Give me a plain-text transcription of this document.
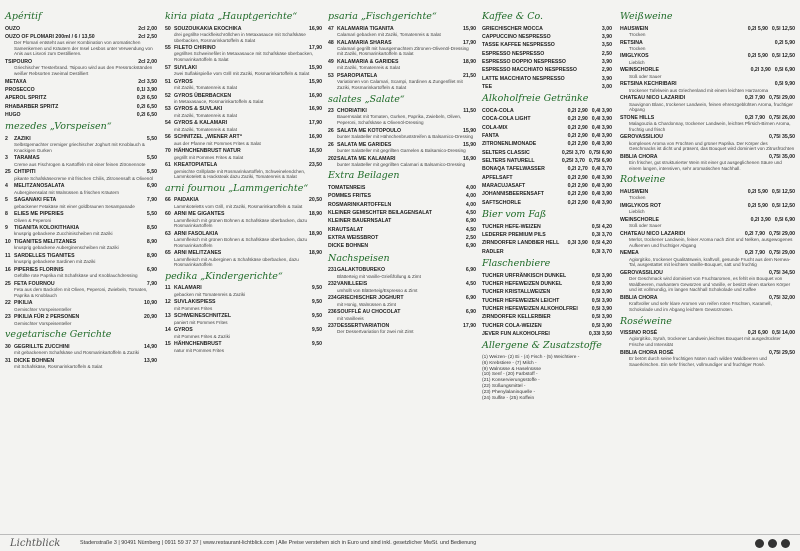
Apéritif
OUZO	2cl 2,00
OUZO OF PLOMARI 200ml / 6 / 13,50	2cl 2,50
Der Plomari entsteht aus einer Kombination von aromatischen Samenkernen und Kräutern der Insel Lesbos unter Verwendung von Anis aus Lisvori zum Destillieren.
TSIPOURO	2cl 2,00
Griechischer Tresterbrand. Tsipouro wird aus den Pressrückständen weißer Rebsorten zweimal Destilliert
METAXA	2cl 3,50
PROSECCO	0,1l 3,90
APEROL SPRITZ	0,2l 6,50
RHABARBER SPRITZ	0,2l 6,50
HUGO	0,2l 6,50
mezedes „Vorspeisen“
2 ZAZIKI	5,50
Selbstgemachter cremiger griechischer Joghurt mit Knoblauch & Knackigen Gurken
3 TARAMAS	5,50
Creme aus Fischrogen & Kartoffeln mit einer feinen Zitronennote
25 CHTIPITI	5,50
pikante Schafskäsecreme mit frischen Chilis, Zitronensaft & Olivenöl
4 MELITZANOSALATA	6,90
Auberginensalat mit Walnüssen & frischen Kräutern
5 SAGANAKI FETA	7,90
gebackener Fetakäse mit einer goldbraunen Sesampanade
8 ELIES ME PIPERIES	5,50
Oliven & Peperoni
9 TIGANITA KOLOKITHAKIA	8,50
knusprig gebackene Zucchinischeiben mit Zaziki
10 TIGANITES MELITZANES	8,90
knusprig gebackene Auberginenscheiben mit Zaziki
11 SARDELLES TIGANITES	8,90
knusprig gebackene Sardinen mit Zaziki
16 PIPERIES FLORINIS	6,90
Gefüllte rote Paprika mit Schafskäse und Knoblauchdressing
25 FETA FOURNOU	7,90
Feta aus dem Backofen mit Oliven, Peperoni, Zwiebeln, Tomaten, Paprika & Knoblauch
22 PIKILIA	10,90
Gemischter Vorspeisenteller
23 PIKILIA FÜR 2 PERSONEN	20,90
Gemischter Vorspeisenteller
vegetarische Gerichte
30 GEGRILLTE ZUCCHINI	14,90
mit gebackenem Schafskäse und Rosmarinkartoffeln & Zaziki
31 DICKE BOHNEN	13,90
mit Schafskäse, Rosmarinkartoffeln & Salat
kiria piata „Hauptgerichte“
50 SOUZOUKAKIA EKOCHIKA	16,90
drei gegrillte Hackfleischröllchen in Metaxasauce mit Schafskäse überbacken, Rosmarinkartoffeln & Salat
55 FILETO CHIRINO	17,90
gegrilltes Schweinefilet in Metaxasauce mit Schafskäse überbacken, Rosmarinkartoffeln & Salat
57 SUVLAKI	15,90
zwei Suflakispieße vom Grill mit Zaziki, Rosmarinkartoffeln & Salat
51 GYROS	15,90
mit Zaziki, Tomatenreis & Salat
52 GYROS ÜBERBACKEN	16,90
in Metaxasauce, Rosmarinkartoffeln & Salat
53 GYROS & SUVLAKI	16,90
mit Zaziki, Tomatenreis & Salat
54 GYROS & KALAMARI	17,90
mit Zaziki, Tomatenreis & Salat
56 SCHNITZEL „WIENER ART“	16,90
aus der Pfanne mit Pommes Frites & Salat
70 HÄHNCHENBRUST NATUR	16,50
gegrillt mit Pommes Frites & Salat
61 KREATOPIATELA	23,50
gemischte Grillplatte mit Rosmarinkartoffeln, Schweinelendchen, Lammkotelett & Hacksteak dazu Zaziki, Tomatenreis & Salat
arni fournou „Lammgerichte“
66 PAIDAKIA	20,50
Lammkoteletts vom Grill, mit Zaziki, Rosmarinkartoffeln & Salat
60 ARNI ME GIGANTES	18,90
Lammfleisch mit grünen Bohnen & Schafskäse überbacken, dazu Rosmarinkartoffeln
63 ARNI FASOLAKIA	18,90
Lammfleisch mit grünen Bohnen & Schafskäse überbacken, dazu Rosmarinkartoffeln
65 ARNI MELITZANES	18,90
Lammfleisch mit Auberginen & Schafskäse überbacken, dazu Rosmarinkartoffeln
pedika „Kindergerichte“
11 KALAMARI	9,50
gebacken mit Tomatenreis & Zaziki
12 SUVLAKISPIESS	9,50
mit Pommes Frites
13 SCHWEINESCHNITZEL	9,50
paniert mit Pommes Frites
14 GYROS	9,50
mit Pommes Frites & Zaziki
15 HÄHNCHENBRUST	9,50
natur mit Pommes Frites
psaria „Fischgerichte“
47 KALAMARIA TIGANITA	15,90
Calamari gebacken mit Zaziki, Tomatenreis & Salat
48 KALAMARIA SHARAS	17,90
Calamari gegrillt mit hausgemachtem Zitronen-Olivenöl-Dressing mit Zaziki, Rosmarinkartoffeln & Salat
49 KALAMARIA & GARIDES	18,90
mit Zaziki, Tomatenreis & Salat
53 PSAROPIATELA	21,50
Variationen von Calamari, Scampi, Sardinen & Zungenfilet mit Zaziki, Rosmarinkartoffeln & Salat
salates „Salate“
23 CHORIATIKI	11,50
Bauernsalat mit Tomaten, Gurken, Paprika, Zwiebeln, Oliven, Peperoni, Schafskäse & Olivenöl-Dressing
26 SALATA ME KOTOPOULO	15,90
bunter Salatteller mit Hähnchenbruststreifen & Balsamico-Dressing
26 SALATA ME GARIDES	15,90
bunter Salatteller mit gegrillten Garnelen & Balsamico-Dressing
202SALATA ME KALAMARI	16,90
bunter Salatteller mit gegrillten Calamari & Balsamico-Dressing
Extra Beilagen
TOMATENREIS	4,00
POMMES FRITES	4,00
ROSMARINKARTOFFELN	4,00
KLEINER GEMISCHTER BEILAGENSALAT	4,50
KLEINER BAUERNSALAT	6,90
KRAUTSALAT	4,50
EXTRA WEISSBROT	2,50
DICKE BOHNEN	6,90
Nachspeisen
231GALAKTOBUREKO	6,90
Blätterteig mit Vanille-Grießfüllung & Zimt
232VANILLEEIS	4,50
umhüllt von Blätterteig/Espresso & Zimt
234GRIECHISCHER JOGHURT	6,90
mit Honig, Walnüssen & Zimt
236SOUFFLÉ AU CHOCOLAT	6,90
mit Vanilleeis
237DESSERTVARIATION	17,90
Der Dessertvariation für zwei mit Zimt
Kaffee & Co.
GRIECHISCHER MOCCA	3,00
CAPPUCCINO NESPRESSO	3,90
TASSE KAFFEE NESPRESSO	3,50
ESPRESSO NESPRESSO	2,50
ESPRESSO DOPPIO NESPRESSO	3,90
ESPRESSO MACCHIATO NESPRESSO	2,90
LATTE MACCHIATO NESPRESSO	3,90
TEE	3,00
Alkoholfreie Getränke
COCA-COLA	0,2l 2,90 0,4l 3,90
COCA-COLA LIGHT	0,2l 2,90 0,4l 3,90
COLA-MIX	0,2l 2,90 0,4l 3,90
FANTA	0,2l 2,90 0,4l 3,90
ZITRONENLIMONADE	0,2l 2,90 0,4l 3,90
SELTERS CLASSIC	0,25l 3,70 0,75l 6,90
SELTERS NATURELL	0,25l 3,70 0,75l 6,90
BONAQA TAFELWASSER	0,2l 2,70 0,4l 3,70
APFELSAFT	0,2l 2,90 0,4l 3,90
MARACUJASAFT	0,2l 2,90 0,4l 3,90
JOHANNISBEERENSAFT	0,2l 2,90 0,4l 3,90
SAFTSCHORLE	0,2l 2,90 0,4l 3,90
Bier vom Faß
TUCHER HEFE-WEIZEN	0,5l 4,20
LEDERER PREMIUM PILS	0,3l 3,70
ZIRNDORFER LANDBIER HELL 0,3l 3,90 0,5l 4,20
RADLER	0,3l 3,70
Flaschenbiere
TUCHER URFRÄNKISCH DUNKEL	0,5l 3,90
TUCHER HEFEWEIZEN DUNKEL	0,5l 3,90
TUCHER KRISTALLWEIZEN	0,5l 3,90
TUCHER HEFEWEIZEN LEICHT	0,5l 3,90
TUCHER HEFEWEIZEN ALKOHOLFREI	0,5l 3,90
ZIRNDORFER KELLERBIER	0,5l 3,90
TUCHER COLA-WEIZEN	0,5l 3,90
JEVER FUN ALKOHOLFREI	0,33l 3,50
Allergene & Zusatzstoffe
(1) Weizen- (2) Ei - (4) Fisch - (5) Weichtiere -
(6) Krebstiere - (7) Milch -
(9) Walnüsse & Haselnüsse
(10) Senf - (20) Farbstoff -
(21) Konservierungsstoffe -
(22) Süßungsmittel -
(23) Phenylalaninquelle -
(24) Sulfite - (25) Koffein
Weißweine
HAUSWEIN	0,2l 5,90 0,5l 12,50
Trocken
RETSINA	0,2l 5,90
Trocken
IMIGLYKOS	0,2l 5,90 0,5l 12,50
Lieblich
WEINSCHORLE	0,2l 3,90 0,5l 6,90
Süß oder Sauer
RETSINA KECHRIBARI	0,5l 9,90
trockener Tafelwein aus Griechenland mit einem leichten Harzaroma
CHATEAU NICO LAZARIDI	0,2l 7,90 0,75l 29,00
Sauvignon Blanc, trockener Landwein, feinen ehrenzgeblühten Aroma, fruchtiger Abgang
STONE HILLS	0,2l 7,90 0,75l 26,00
Malagouzia & Chardonnay, trockener Landwein, leichtes Pfirsich-Birnen Aroma, fruchtig und frisch
GEROVASSILIOU	0,75l 35,50
komplexes Aroma von Früchten und grüner Paprika. Der Körper des Geschmacks ist dicht und präsent, das Bouquet wird dominiert von Zitrusfrüchten
BIBLIA CHORA	0,75l 35,00
Ein frischer, gut strukturierter Wein mit einer gut ausgeglichenen Säure und einem langen, intensiven, sehr aromatischen Nachhall.
Rotweine
HAUSWEIN	0,2l 5,90 0,5l 12,50
Trocken
IMIGLYKOS ROT	0,2l 5,90 0,5l 12,50
Lieblich
WEINSCHORLE	0,2l 3,90 0,5l 6,90
Süß oder Sauer
CHATEAU NICO LAZARIDI	0,2l 7,90 0,75l 29,00
Merlot, trockener Landwein, feiner Aroma nach Zimt und Nelken, ausgewogenes Aufkernen und fruchtiger Abgang
NEMEA	0,2l 7,90 0,75l 29,00
Agiorgitiko, trockener Qualitätswein, kraftvoll, gesunde Frucht aus dem Nemea-Tal, ausgestattet mit leichtem Vanille-Bouquet, satt und fruchtig
GEROVASSILIOU	0,75l 34,50
Der Geschmack wird dominiert von Fruchtaromen, es fehlt ein Bouquet von Waldbeeren, markantem Gewürzen und Vanille, er besitzt einen starken Körper und ist vollmundig, im langen Nachhall Schokolade und Kaffee
BIBLIA CHORA	0,75l 32,00
Kraftvoller und sehr klare Aromen von reifen roten Früchten, Karamell, Schokolade und im Abgang leichtem Gewürznoten.
Roséweine
VISSINO ROSÉ	0,2l 6,90 0,5l 14,00
Agiorgitiko, Syrah, trockener Landwein,leichtes Bouquet mit ausgedrückter Frische und Intensität
BIBLIA CHORA ROSÉ	0,75l 29,50
Er betört durch seine fruchtigen Noten nach wilden Waldbeeren und Sauerkirschen. Ein sehr frischer, vollmundiger und fruchtiger Rosé.
Lichtblick	Stadenstraße 3 | 90491 Nürnberg | 0911 59 37 37 | www.restaurant-lichtblick.com | Alle Preise verstehen sich in Euro und sind inkl. gesetzlicher MwSt. und Bedienung
